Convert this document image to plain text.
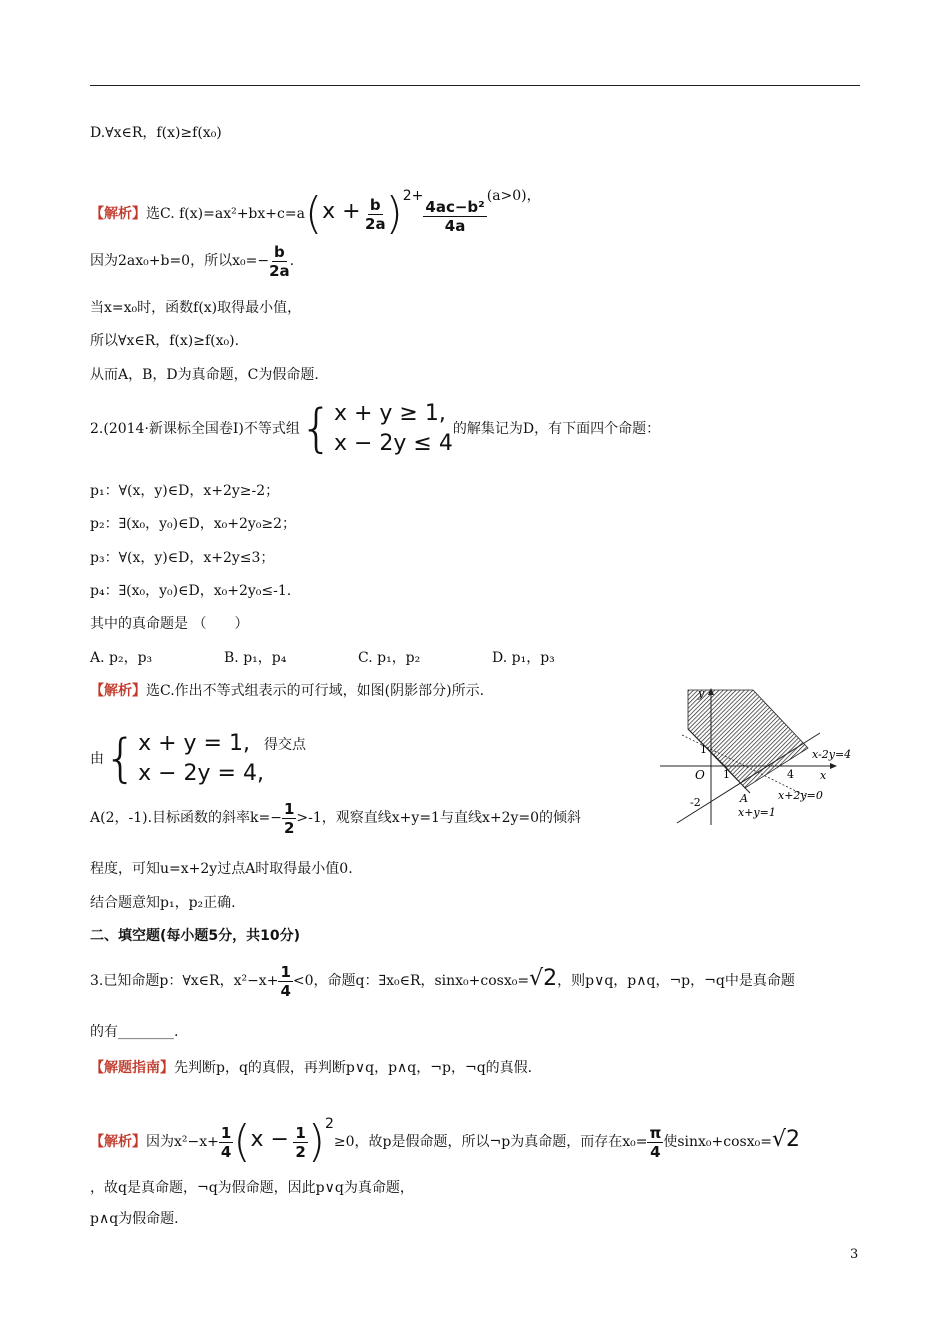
D.∀x∈R，f(x)≥f(x₀)
【解析】选C. $f(x)=ax^2+bx+c=a(x + \frac{b}{2a} )2+$
$\frac{\text{4ac−b²}}{4a}$
(a>0)，
因为2ax₀+b=0，所以$x_0=- \frac{b}{2a}$ .
当x=x₀时，函数f(x)取得最小值，
所以∀x∈R，f(x)≥f(x₀).
从而A，B，D为真命题，C为假命题.
2.(2014·新课标全国卷Ⅰ)不等式组 { x + y ≥ 1,
x − 2y ≤ 4
的解集记为D，有下面四个命题：
p₁：∀(x，y)∈D，x+2y≥-2；
p₂：∃(x₀，y₀)∈D，x₀+2y₀≥2；
p₃：∀(x，y)∈D，x+2y≤3；
p₄：∃(x₀，y₀)∈D，x₀+2y₀≤-1.
其中的真命题是 （　　）
A. p₂，p₃	B. p₁，p₄	C. p₁，p₂	D. p₁，p₃
【解析】选C.作出不等式组表示的可行域，如图(阴影部分)所示.
由 { x + y = 1,
x − 2y = 4,
得交点
A(2，-1).目标函数的斜率$k=- \frac{1}{2} >-1$，观察直线x+y=1与直线x+2y=0的倾斜
程度，可知u=x+2y过点A时取得最小值0.
结合题意知p₁，p₂正确.
y
x
O
1
-2
1	4
A
x-2y=4
x+2y=0
x+y=1
二、填空题(每小题5分，共10分)
3.已知命题p：∀x∈R，$x^2-x+ \frac{1}{4} <0$，命题q：∃x₀∈R，sinx₀+cosx₀=√2，则p∨q，p∧q，¬p，¬q中是真命题
的有________.
【解题指南】先判断p，q的真假，再判断p∨q，p∧q，¬p，¬q的真假.
【解析】因为$x^2-x+ \frac{1}{4} (x - \frac{1}{2} )2\ge 0$，故p是假命题，所以¬p为真命题，而存在$x_0= \frac{\pi}{4}$ 使sinx₀+cosx₀=√2
，故q是真命题，¬q为假命题，因此p∨q为真命题，
p∧q为假命题.
3
